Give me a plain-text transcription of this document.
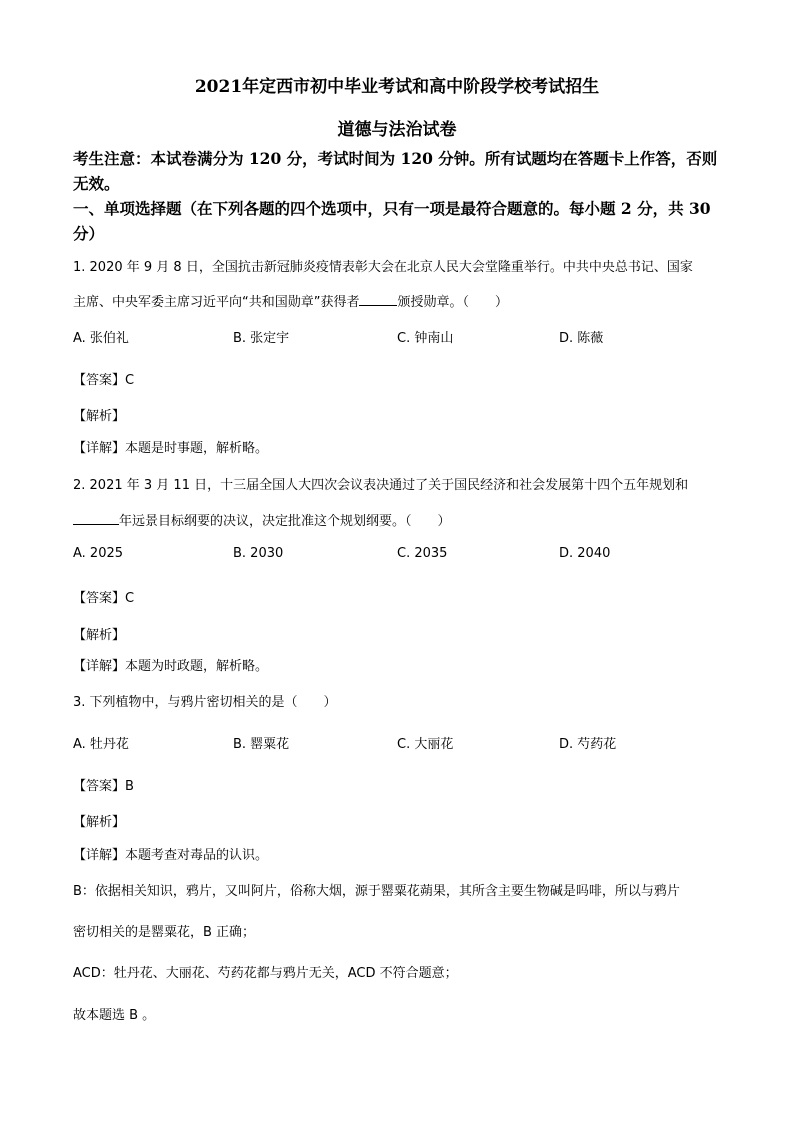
2021年定西市初中毕业考试和高中阶段学校考试招生
道德与法治试卷
考生注意：本试卷满分为 120 分，考试时间为 120 分钟。所有试题均在答题卡上作答，否则
无效。
一、单项选择题（在下列各题的四个选项中，只有一项是最符合题意的。每小题 2 分，共 30
分）
1. 2020 年 9 月 8 日，全国抗击新冠肺炎疫情表彰大会在北京人民大会堂隆重举行。中共中央总书记、国家
主席、中央军委主席习近平向“共和国勋章”获得者	颁授勋章。（　　）
A. 张伯礼	B. 张定宇	C. 钟南山	D. 陈薇
【答案】C
【解析】
【详解】本题是时事题，解析略。
2. 2021 年 3 月 11 日，十三届全国人大四次会议表决通过了关于国民经济和社会发展第十四个五年规划和
年远景目标纲要的决议，决定批准这个规划纲要。（　　）
A. 2025	B. 2030	C. 2035	D. 2040
【答案】C
【解析】
【详解】本题为时政题，解析略。
3. 下列植物中，与鸦片密切相关的是（　　）
A. 牡丹花	B. 罂粟花	C. 大丽花	D. 芍药花
【答案】B
【解析】
【详解】本题考查对毒品的认识。
B：依据相关知识，鸦片，又叫阿片，俗称大烟，源于罂粟花蒴果，其所含主要生物碱是吗啡，所以与鸦片
密切相关的是罂粟花，B 正确；
ACD：牡丹花、大丽花、芍药花都与鸦片无关，ACD 不符合题意；
故本题选 B 。
